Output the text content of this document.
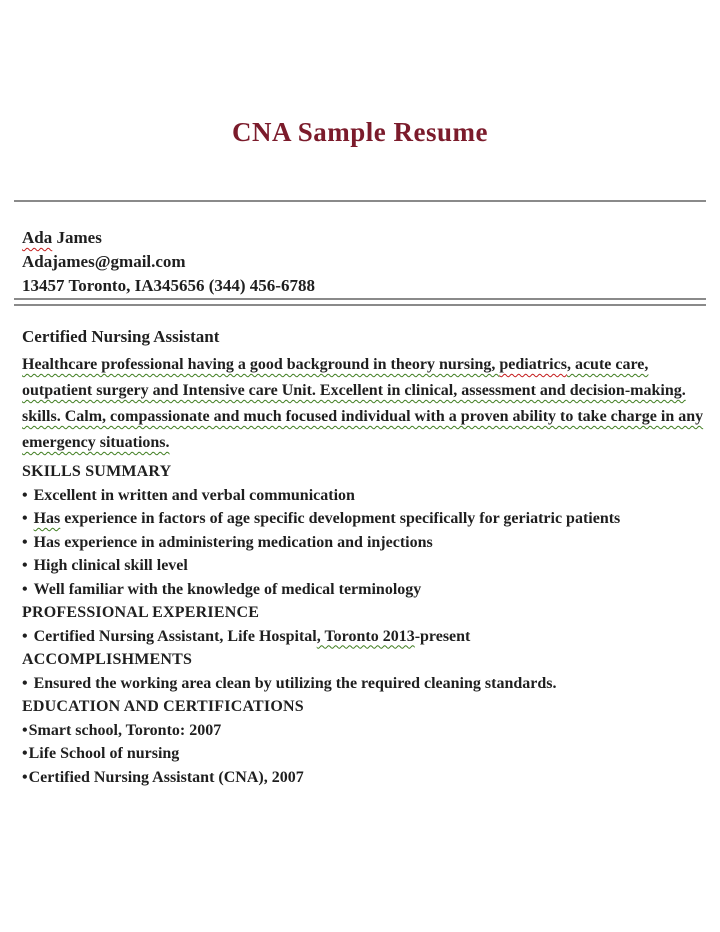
CNA Sample Resume
Ada James
Adajames@gmail.com
13457 Toronto, IA345656 (344) 456-6788
Certified Nursing Assistant
Healthcare professional having a good background in theory nursing, pediatrics, acute care,
outpatient surgery and Intensive care Unit. Excellent in clinical, assessment and decision-making.
skills. Calm, compassionate and much focused individual with a proven ability to take charge in any
emergency situations.
SKILLS SUMMARY
• Excellent in written and verbal communication
• Has experience in factors of age specific development specifically for geriatric patients
• Has experience in administering medication and injections
• High clinical skill level
• Well familiar with the knowledge of medical terminology
PROFESSIONAL EXPERIENCE
• Certified Nursing Assistant, Life Hospital, Toronto 2013-present
ACCOMPLISHMENTS
• Ensured the working area clean by utilizing the required cleaning standards.
EDUCATION AND CERTIFICATIONS
•Smart school, Toronto: 2007
•Life School of nursing
•Certified Nursing Assistant (CNA), 2007
